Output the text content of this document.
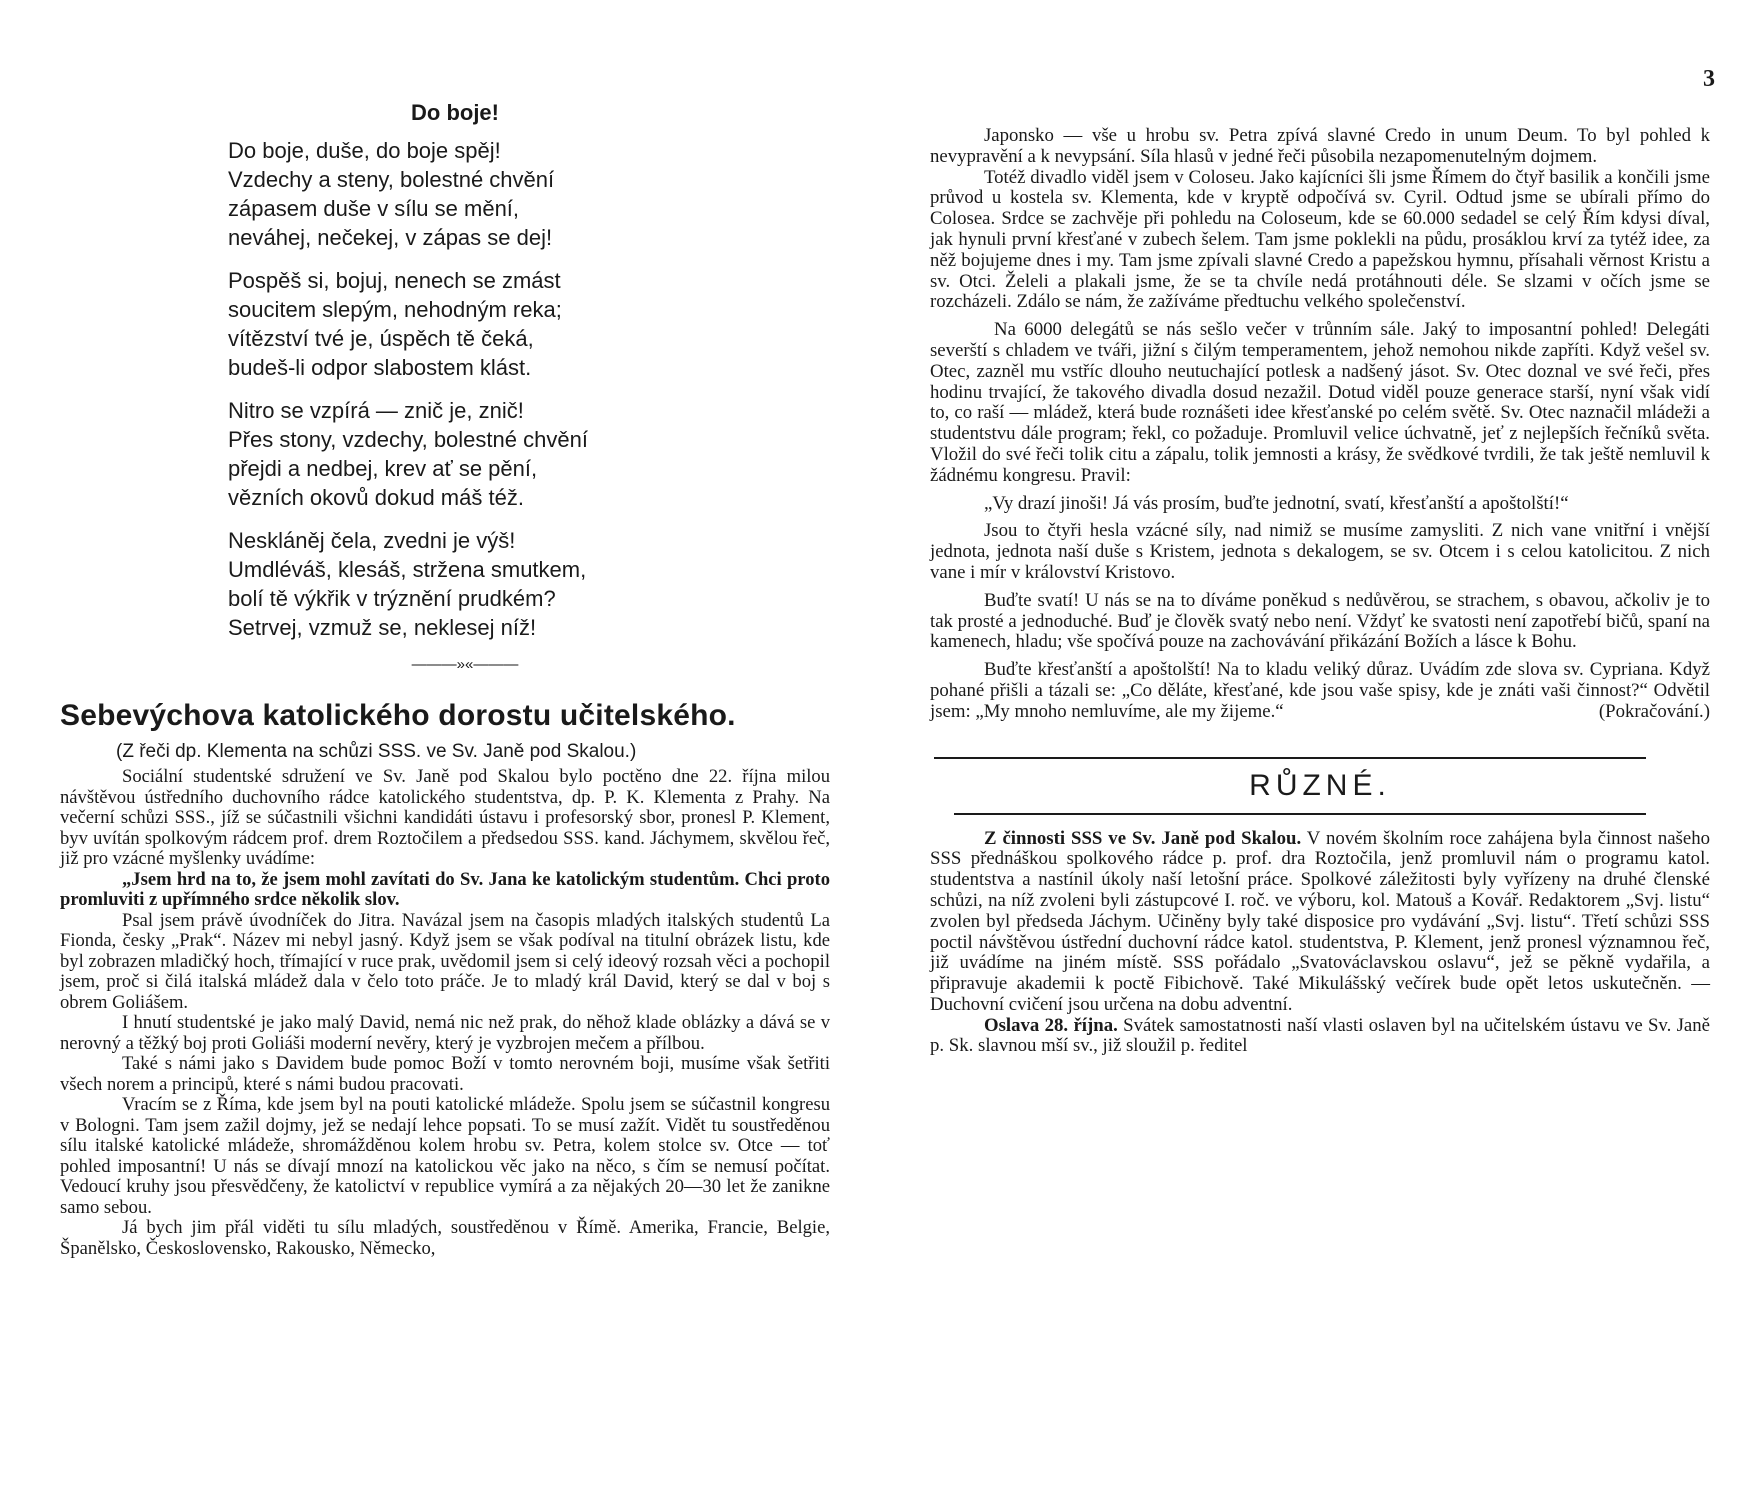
3
Do boje!
Do boje, duše, do boje spěj!
Vzdechy a steny, bolestné chvění
zápasem duše v sílu se mění,
neváhej, nečekej, v zápas se dej!
Pospěš si, bojuj, nenech se zmást
soucitem slepým, nehodným reka;
vítězství tvé je, úspěch tě čeká,
budeš-li odpor slabostem klást.
Nitro se vzpírá — znič je, znič!
Přes stony, vzdechy, bolestné chvění
přejdi a nedbej, krev ať se pění,
vězních okovů dokud máš též.
Neskláněj čela, zvedni je výš!
Umdléváš, klesáš, stržena smutkem,
bolí tě výkřik v trýznění prudkém?
Setrvej, vzmuž se, neklesej níž!
———»«———
Sebevýchova katolického dorostu učitelského.
(Z řeči dp. Klementa na schůzi SSS. ve Sv. Janě pod Skalou.)

Sociální studentské sdružení ve Sv. Janě pod Skalou bylo poctěno dne 22. října milou návštěvou ústředního duchovního rádce katolického studentstva, dp. P. K. Klementa z Prahy. Na večerní schůzi SSS., jíž se súčastnili všichni kandidáti ústavu i profesorský sbor, pronesl P. Klement, byv uvítán spolkovým rádcem prof. drem Roztočilem a předsedou SSS. kand. Jáchymem, skvělou řeč, již pro vzácné myšlenky uvádíme:

„Jsem hrd na to, že jsem mohl zavítati do Sv. Jana ke katolickým studentům. Chci proto promluviti z upřímného srdce několik slov.

Psal jsem právě úvodníček do Jitra. Navázal jsem na časopis mladých italských studentů La Fionda, česky „Prak“. Název mi nebyl jasný. Když jsem se však podíval na titulní obrázek listu, kde byl zobrazen mladičký hoch, třímající v ruce prak, uvědomil jsem si celý ideový rozsah věci a pochopil jsem, proč si čilá italská mládež dala v čelo toto práče. Je to mladý král David, který se dal v boj s obrem Goliášem.

I hnutí studentské je jako malý David, nemá nic než prak, do něhož klade oblázky a dává se v nerovný a těžký boj proti Goliáši moderní nevěry, který je vyzbrojen mečem a přílbou.

Také s námi jako s Davidem bude pomoc Boží v tomto nerovném boji, musíme však šetřiti všech norem a principů, které s námi budou pracovati.

Vracím se z Říma, kde jsem byl na pouti katolické mládeže. Spolu jsem se súčastnil kongresu v Bologni. Tam jsem zažil dojmy, jež se nedají lehce popsati. To se musí zažít. Vidět tu soustředěnou sílu italské katolické mládeže, shromážděnou kolem hrobu sv. Petra, kolem stolce sv. Otce — toť pohled imposantní! U nás se dívají mnozí na katolickou věc jako na něco, s čím se nemusí počítat. Vedoucí kruhy jsou přesvědčeny, že katolictví v republice vymírá a za nějakých 20—30 let že zanikne samo sebou.

Já bych jim přál viděti tu sílu mladých, soustředěnou v Římě. Amerika, Francie, Belgie, Španělsko, Československo, Rakousko, Německo,

Japonsko — vše u hrobu sv. Petra zpívá slavné Credo in unum Deum. To byl pohled k nevypravění a k nevypsání. Síla hlasů v jedné řeči působila nezapomenutelným dojmem.

Totéž divadlo viděl jsem v Coloseu. Jako kajícníci šli jsme Římem do čtyř basilik a končili jsme průvod u kostela sv. Klementa, kde v kryptě odpočívá sv. Cyril. Odtud jsme se ubírali přímo do Colosea. Srdce se zachvěje při pohledu na Coloseum, kde se 60.000 sedadel se celý Řím kdysi díval, jak hynuli první křesťané v zubech šelem. Tam jsme poklekli na půdu, prosáklou krví za tytéž idee, za něž bojujeme dnes i my. Tam jsme zpívali slavné Credo a papežskou hymnu, přísahali věrnost Kristu a sv. Otci. Želeli a plakali jsme, že se ta chvíle nedá protáhnouti déle. Se slzami v očích jsme se rozcházeli. Zdálo se nám, že zažíváme předtuchu velkého společenství.

Na 6000 delegátů se nás sešlo večer v trůnním sále. Jaký to imposantní pohled! Delegáti severští s chladem ve tváři, jižní s čilým temperamentem, jehož nemohou nikde zapříti. Když vešel sv. Otec, zazněl mu vstříc dlouho neutuchající potlesk a nadšený jásot. Sv. Otec doznal ve své řeči, přes hodinu trvající, že takového divadla dosud nezažil. Dotud viděl pouze generace starší, nyní však vidí to, co raší — mládež, která bude roznášeti idee křesťanské po celém světě. Sv. Otec naznačil mládeži a studentstvu dále program; řekl, co požaduje. Promluvil velice úchvatně, jeť z nejlepších řečníků světa. Vložil do své řeči tolik citu a zápalu, tolik jemnosti a krásy, že svědkové tvrdili, že tak ještě nemluvil k žádnému kongresu. Pravil:

„Vy drazí jinoši! Já vás prosím, buďte jednotní, svatí, křesťanští a apoštolští!“

Jsou to čtyři hesla vzácné síly, nad nimiž se musíme zamysliti. Z nich vane vnitřní i vnější jednota, jednota naší duše s Kristem, jednota s dekalogem, se sv. Otcem i s celou katolicitou. Z nich vane i mír v království Kristovo.

Buďte svatí! U nás se na to díváme poněkud s nedůvěrou, se strachem, s obavou, ačkoliv je to tak prosté a jednoduché. Buď je člověk svatý nebo není. Vždyť ke svatosti není zapotřebí bičů, spaní na kamenech, hladu; vše spočívá pouze na zachovávání přikázání Božích a lásce k Bohu.

Buďte křesťanští a apoštolští! Na to kladu veliký důraz. Uvádím zde slova sv. Cypriana. Když pohané přišli a tázali se: „Co děláte, křesťané, kde jsou vaše spisy, kde je znáti vaši činnost?“ Odvětil jsem: „My mnoho nemluvíme, ale my žijeme.“	(Pokračování.)

RŮZNÉ.

Z činnosti SSS ve Sv. Janě pod Skalou. V novém školním roce zahájena byla činnost našeho SSS přednáškou spolkového rádce p. prof. dra Roztočila, jenž promluvil nám o programu katol. studentstva a nastínil úkoly naší letošní práce. Spolkové záležitosti byly vyřízeny na druhé členské schůzi, na níž zvoleni byli zástupcové I. roč. ve výboru, kol. Matouš a Kovář. Redaktorem „Svj. listu“ zvolen byl předseda Jáchym. Učiněny byly také disposice pro vydávání „Svj. listu“. Třetí schůzi SSS poctil návštěvou ústřední duchovní rádce katol. studentstva, P. Klement, jenž pronesl významnou řeč, již uvádíme na jiném místě. SSS pořádalo „Svatováclavskou oslavu“, jež se pěkně vydařila, a připravuje akademii k poctě Fibichově. Také Mikulášský večírek bude opět letos uskutečněn. — Duchovní cvičení jsou určena na dobu adventní.

Oslava 28. října. Svátek samostatnosti naší vlasti oslaven byl na učitelském ústavu ve Sv. Janě p. Sk. slavnou mší sv., již sloužil p. ředitel
